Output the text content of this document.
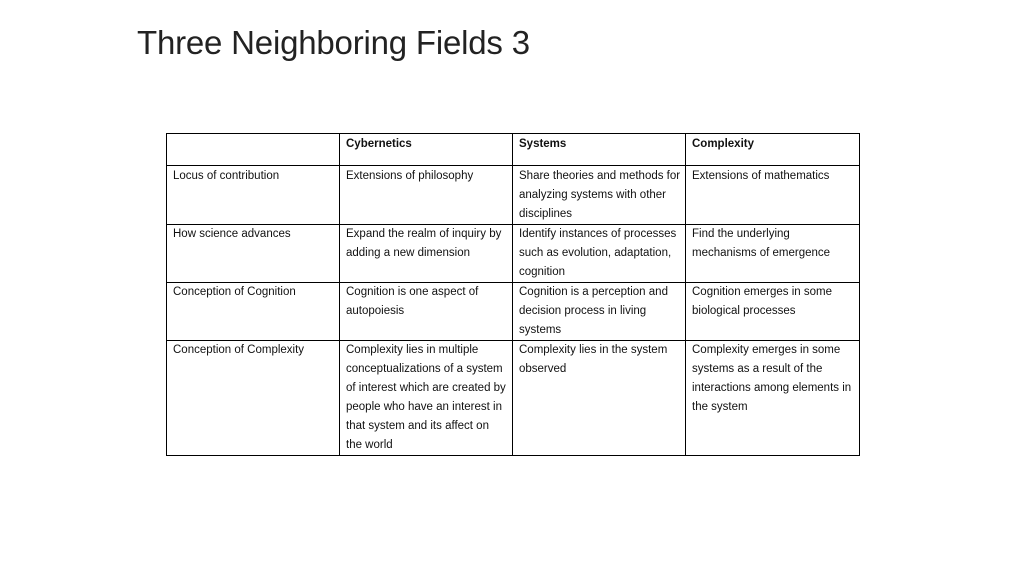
Three Neighboring Fields 3
	Cybernetics	Systems	Complexity
Locus of contribution	Extensions of philosophy	Share theories and methods for analyzing systems with other disciplines	Extensions of mathematics
How science advances	Expand the realm of inquiry by adding a new dimension	Identify instances of processes such as evolution, adaptation, cognition	Find the underlying mechanisms of emergence
Conception of Cognition	Cognition is one aspect of autopoiesis	Cognition is a perception and decision process in living systems	Cognition emerges in some biological processes
Conception of Complexity	Complexity lies in multiple conceptualizations of a system of interest which are created by people who have an interest in that system and its affect on the world	Complexity lies in the system observed	Complexity emerges in some systems as a result of the interactions among elements in the system
